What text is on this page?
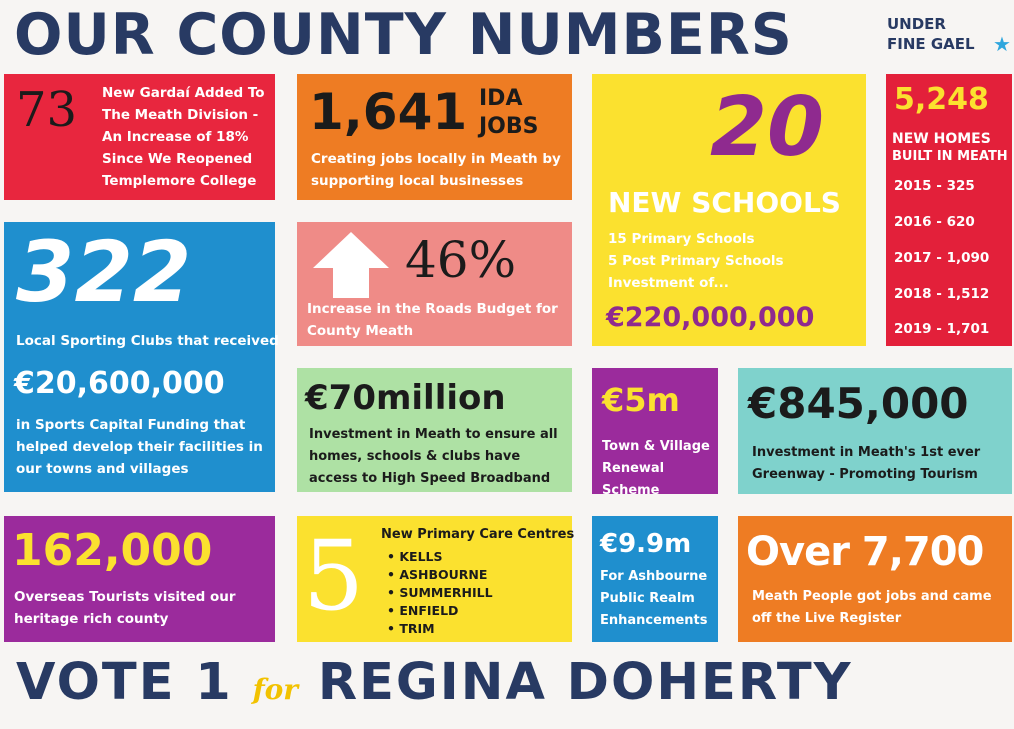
OUR COUNTY NUMBERS	UNDER
FINE GAEL ★
73 New Gardaí Added To The Meath Division - An Increase of 18% Since We Reopened Templemore College
1,641 IDA
JOBS
Creating jobs locally in Meath by supporting local businesses
20
NEW SCHOOLS
15 Primary Schools
5 Post Primary Schools
Investment of...
€220,000,000
5,248
NEW HOMES
BUILT IN MEATH
2015 - 325
2016 - 620
2017 - 1,090
2018 - 1,512
2019 - 1,701
322
Local Sporting Clubs that received
€20,600,000
in Sports Capital Funding that helped develop their facilities in our towns and villages
46%
Increase in the Roads Budget for County Meath
€70million
Investment in Meath to ensure all homes, schools & clubs have access to High Speed Broadband
€5m
Town & Village Renewal Scheme
€845,000
Investment in Meath's 1st ever Greenway - Promoting Tourism
162,000
Overseas Tourists visited our heritage rich county	5 New Primary Care Centres
• KELLS
• ASHBOURNE
• SUMMERHILL
• ENFIELD
• TRIM
€9.9m
For Ashbourne Public Realm Enhancements
Over 7,700
Meath People got jobs and came off the Live Register
VOTE 1 for REGINA DOHERTY
